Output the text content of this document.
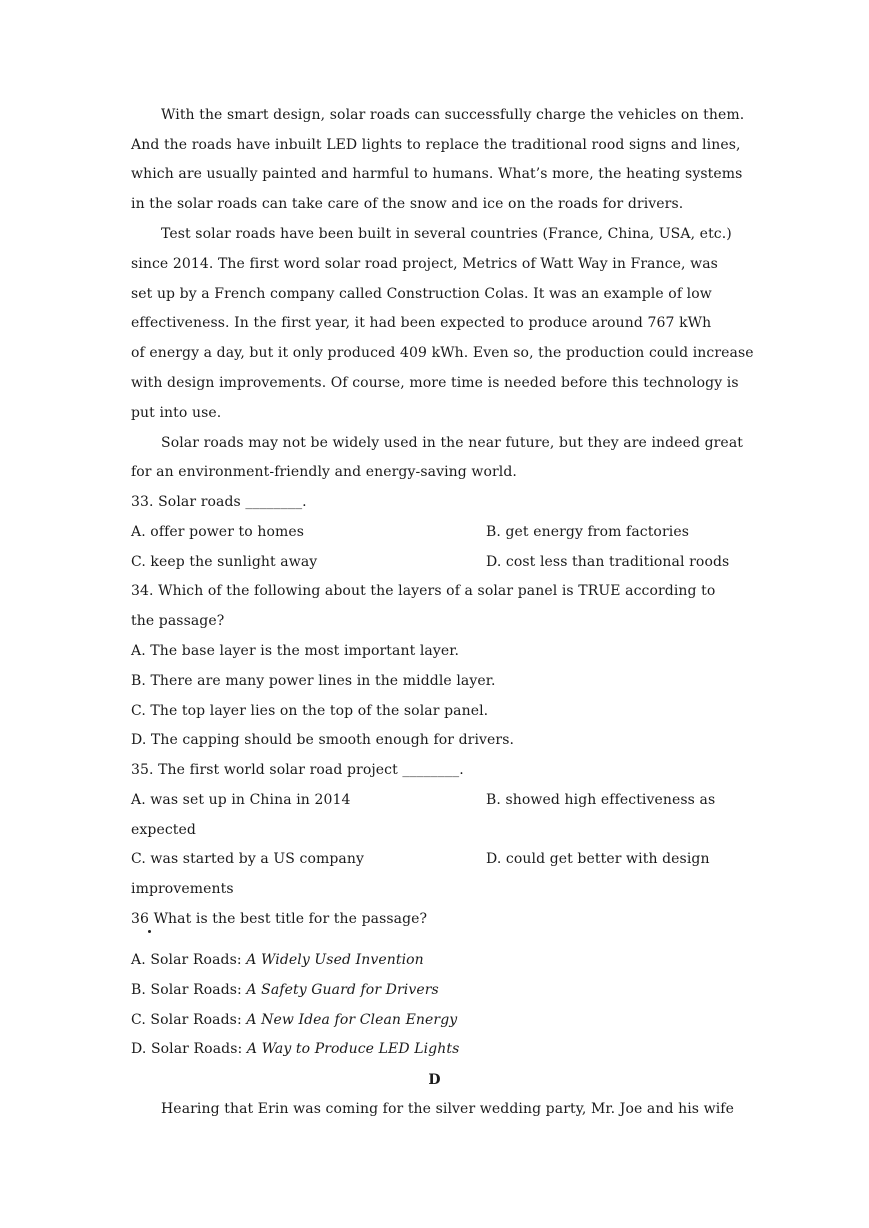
With the smart design, solar roads can successfully charge the vehicles on them.
And the roads have inbuilt LED lights to replace the traditional rood signs and lines,
which are usually painted and harmful to humans. What’s more, the heating systems
in the solar roads can take care of the snow and ice on the roads for drivers.
Test solar roads have been built in several countries (France, China, USA, etc.)
since 2014. The first word solar road project, Metrics of Watt Way in France, was
set up by a French company called Construction Colas. It was an example of low
effectiveness. In the first year, it had been expected to produce around 767 kWh
of energy a day, but it only produced 409 kWh. Even so, the production could increase
with design improvements. Of course, more time is needed before this technology is
put into use.
Solar roads may not be widely used in the near future, but they are indeed great
for an environment-friendly and energy-saving world.
33. Solar roads ________.
A. offer power to homes	B. get energy from factories
C. keep the sunlight away	D. cost less than traditional roods
34. Which of the following about the layers of a solar panel is TRUE according to
the passage?
A. The base layer is the most important layer.
B. There are many power lines in the middle layer.
C. The top layer lies on the top of the solar panel.
D. The capping should be smooth enough for drivers.
35. The first world solar road project ________.
A. was set up in China in 2014	B. showed high effectiveness as
expected
C. was started by a US company	D. could get better with design
improvements
36 What is the best title for the passage?
A. Solar Roads: A Widely Used Invention
B. Solar Roads: A Safety Guard for Drivers
C. Solar Roads: A New Idea for Clean Energy
D. Solar Roads: A Way to Produce LED Lights
D
Hearing that Erin was coming for the silver wedding party, Mr. Joe and his wife
